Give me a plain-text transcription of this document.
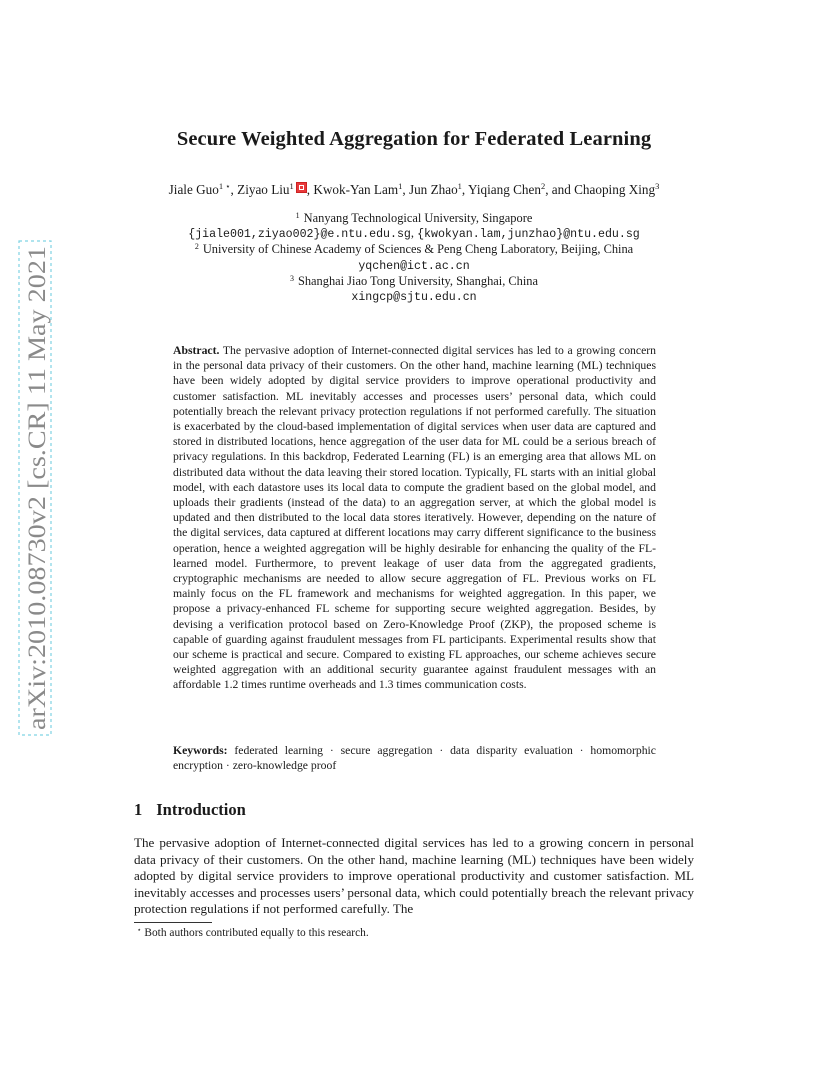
arXiv:2010.08730v2 [cs.CR] 11 May 2021
Secure Weighted Aggregation for Federated Learning
Jiale Guo$^{1 ⋆}$, Ziyao Liu$^1$ , Kwok-Yan Lam$^1$, Jun Zhao$^1$, Yiqiang Chen$^2$, and Chaoping Xing$^3$
$^1$ Nanyang Technological University, Singapore
{jiale001,ziyao002}@e.ntu.edu.sg, {kwokyan.lam,junzhao}@ntu.edu.sg
$^2$ University of Chinese Academy of Sciences & Peng Cheng Laboratory, Beijing, China
yqchen@ict.ac.cn
$^3$ Shanghai Jiao Tong University, Shanghai, China
xingcp@sjtu.edu.cn
Abstract. The pervasive adoption of Internet-connected digital services has led to a growing concern in the personal data privacy of their customers. On the other hand, machine learning (ML) techniques have been widely adopted by digital service providers to improve operational productivity and customer satisfaction. ML inevitably accesses and processes users’ personal data, which could potentially breach the relevant privacy protection regulations if not performed carefully. The situation is exacerbated by the cloud-based implementation of digital services when user data are captured and stored in distributed locations, hence aggregation of the user data for ML could be a serious breach of privacy regulations. In this backdrop, Federated Learning (FL) is an emerging area that allows ML on distributed data without the data leaving their stored location. Typically, FL starts with an initial global model, with each datastore uses its local data to compute the gradient based on the global model, and uploads their gradients (instead of the data) to an aggregation server, at which the global model is updated and then distributed to the local data stores iteratively. However, depending on the nature of the digital services, data captured at different locations may carry different significance to the business operation, hence a weighted aggregation will be highly desirable for enhancing the quality of the FL-learned model. Furthermore, to prevent leakage of user data from the aggregated gradients, cryptographic mechanisms are needed to allow secure aggregation of FL. Previous works on FL mainly focus on the FL framework and mechanisms for weighted aggregation. In this paper, we propose a privacy-enhanced FL scheme for supporting secure weighted aggregation. Besides, by devising a verification protocol based on Zero-Knowledge Proof (ZKP), the proposed scheme is capable of guarding against fraudulent messages from FL participants. Experimental results show that our scheme is practical and secure. Compared to existing FL approaches, our scheme achieves secure weighted aggregation with an additional security guarantee against fraudulent messages with an affordable 1.2 times runtime overheads and 1.3 times communication costs.
Keywords: federated learning · secure aggregation · data disparity evaluation · homomorphic encryption · zero-knowledge proof
1 Introduction
The pervasive adoption of Internet-connected digital services has led to a growing concern in personal data privacy of their customers. On the other hand, machine learning (ML) techniques have been widely adopted by digital service providers to improve operational productivity and customer satisfaction. ML inevitably accesses and processes users’ personal data, which could potentially breach the relevant privacy protection regulations if not performed carefully. The
⋆ Both authors contributed equally to this research.
